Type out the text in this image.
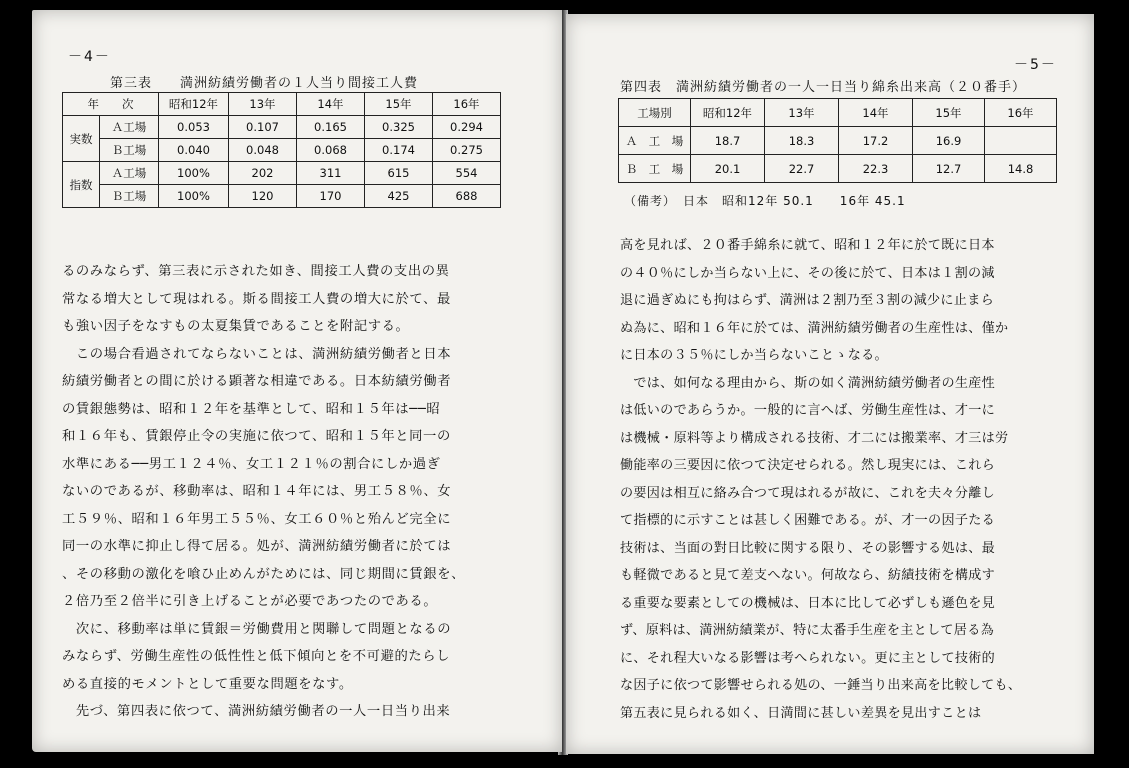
－4－
第三表　　満洲紡績労働者の１人当り間接工人費
年　　次		昭和12年	13年	14年	15年	16年
実数	Ａ工場	0.053	0.107	0.165	0.325	0.294
	Ｂ工場	0.040	0.048	0.068	0.174	0.275
指数	Ａ工場	100%	202	311	615	554
	Ｂ工場	100%	120	170	425	688
るのみならず、第三表に示された如き、間接工人費の支出の異
常なる増大として現はれる。斯る間接工人費の増大に於て、最
も強い因子をなすもの太夏集賃であることを附記する。
　この場合看過されてならないことは、満洲紡績労働者と日本
紡績労働者との間に於ける顕著な相違である。日本紡績労働者
の賃銀態勢は、昭和１２年を基準として、昭和１５年は──昭
和１６年も、賃銀停止令の実施に依つて、昭和１５年と同一の
水準にある──男工１２４％、女工１２１％の割合にしか過ぎ
ないのであるが、移動率は、昭和１４年には、男工５８％、女
工５９％、昭和１６年男工５５％、女工６０％と殆んど完全に
同一の水準に抑止し得て居る。処が、満洲紡績労働者に於ては
、その移動の激化を喰ひ止めんがためには、同じ期間に賃銀を、
２倍乃至２倍半に引き上げることが必要であつたのである。
　次に、移動率は単に賃銀＝労働費用と関聯して問題となるの
みならず、労働生産性の低性性と低下傾向とを不可避的たらし
める直接的モメントとして重要な問題をなす。
　先づ、第四表に依つて、満洲紡績労働者の一人一日当り出来
－5－
第四表　満洲紡績労働者の一人一日当り綿糸出来高（２０番手）
工場別	昭和12年	13年	14年	15年	16年
Ａ　工　場	18.7	18.3	17.2	16.9	
Ｂ　工　場	20.1	22.7	22.3	12.7	14.8
（備考）　日本　昭和12年 50.1　　16年 45.1
高を見れば、２０番手綿糸に就て、昭和１２年に於て既に日本
の４０％にしか当らない上に、その後に於て、日本は１割の減
退に過ぎぬにも拘はらず、満洲は２割乃至３割の減少に止まら
ぬ為に、昭和１６年に於ては、満洲紡績労働者の生産性は、僅か
に日本の３５％にしか当らないことゝなる。
　では、如何なる理由から、斯の如く満洲紡績労働者の生産性
は低いのであらうか。一般的に言へば、労働生産性は、才一に
は機械・原料等より構成される技術、才二には搬業率、才三は労
働能率の三要因に依つて決定せられる。然し現実には、これら
の要因は相互に絡み合つて現はれるが故に、これを夫々分離し
て指標的に示すことは甚しく困難である。が、才一の因子たる
技術は、当面の對日比較に関する限り、その影響する処は、最
も軽微であると見て差支へない。何故なら、紡績技術を構成す
る重要な要素としての機械は、日本に比して必ずしも遜色を見
ず、原料は、満洲紡績業が、特に太番手生産を主として居る為
に、それ程大いなる影響は考へられない。更に主として技術的
な因子に依つて影響せられる処の、一錘当り出来高を比較しても、
第五表に見られる如く、日満間に甚しい差異を見出すことは
